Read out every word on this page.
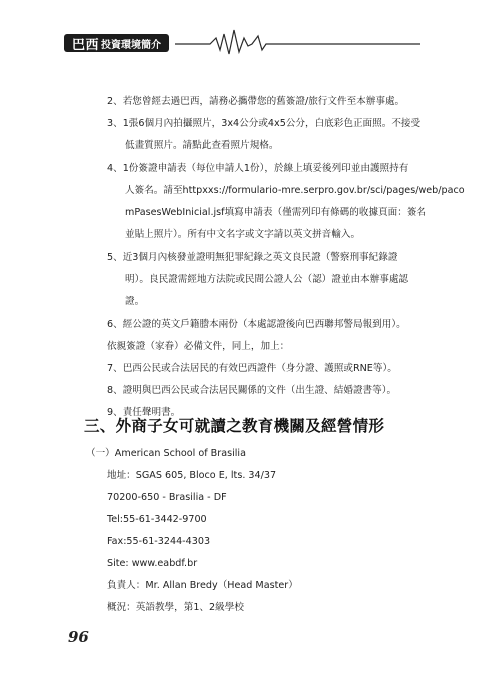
巴西 投資環境簡介
2、若您曾經去過巴西，請務必攜帶您的舊簽證/旅行文件至本辦事處。
3、1張6個月內拍攝照片，3x4公分或4x5公分，白底彩色正面照。不接受
低畫質照片。請點此查看照片規格。
4、1份簽證申請表（每位申請人1份），於線上填妥後列印並由護照持有
人簽名。請至httpxxs://formulario-mre.serpro.gov.br/sci/pages/web/paco
mPasesWebInicial.jsf填寫申請表（僅需列印有條碼的收據頁面：簽名
並貼上照片）。所有中文名字或文字請以英文拼音輸入。
5、近3個月內核發並證明無犯罪紀錄之英文良民證（警察刑事紀錄證
明）。良民證需經地方法院或民間公證人公（認）證並由本辦事處認
證。
6、經公證的英文戶籍謄本兩份（本處認證後向巴西聯邦警局報到用）。
依親簽證（家眷）必備文件，同上，加上：
7、巴西公民或合法居民的有效巴西證件（身分證、護照或RNE等）。
8、證明與巴西公民或合法居民關係的文件（出生證、結婚證書等）。
9、責任聲明書。
三、外商子女可就讀之教育機關及經營情形
（一）American School of Brasilia
地址：SGAS 605, Bloco E, lts. 34/37
70200-650 - Brasilia - DF
Tel:55-61-3442-9700
Fax:55-61-3244-4303
Site: www.eabdf.br
負責人：Mr. Allan Bredy（Head Master）
概況：英語教學，第1、2級學校
96
